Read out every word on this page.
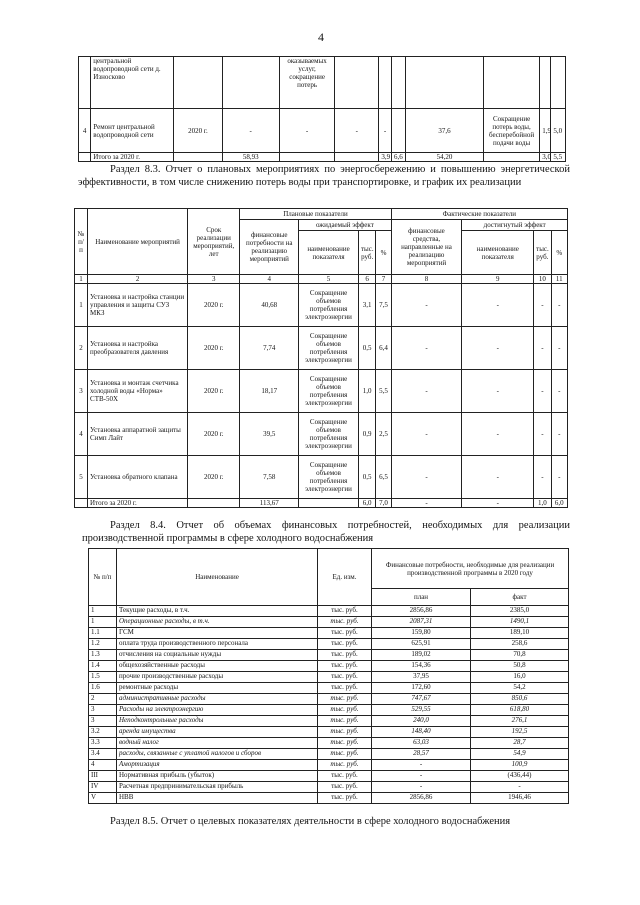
4
	центральной водопроводной сети д. Износково			оказываемых услуг, сокращение потерь							
4	Ремонт центральной водопроводной сети	2020 г.	-	-	-	-		37,6	Сокращение потерь воды, бесперебойной подачи воды	1,9	5,0
	Итого за 2020 г.		58,93			3,9	6,6	54,20		3,0	5,5
Раздел 8.3. Отчет о плановых мероприятиях по энергосбережению и повышению энергетической эффективности, в том числе снижению потерь воды при транспортировке, и график их реализации
№ п/ п	Наименование мероприятий	Срок реализации мероприятий, лет	Плановые показатели				Фактические показатели			
			финансовые потребности на реализацию мероприятий	ожидаемый эффект			финансовые средства, направленные на реализацию мероприятий	достигнутый эффект		
				наименование показателя	тыс. руб.	%		наименование показателя	тыс. руб.	%
1	2	3	4	5	6	7	8	9	10	11
1	Установка и настройка станции управления и защиты СУЗ МКЗ	2020 г.	40,68	Сокращение объемов потребления электроэнергии	3,1	7,5	-	-	-	-
2	Установка и настройка преобразователя давления	2020 г.	7,74	Сокращение объемов потребления электроэнергии	0,5	6,4	-	-	-	-
3	Установка и монтаж счетчика холодной воды «Норма» СТВ-50Х	2020 г.	18,17	Сокращение объемов потребления электроэнергии	1,0	5,5	-	-	-	-
4	Установка аппаратной защиты Симп Лайт	2020 г.	39,5	Сокращение объемов потребления электроэнергии	0,9	2,5	-	-	-	-
5	Установка обратного клапана	2020 г.	7,58	Сокращение объемов потребления электроэнергии	0,5	6,5	-	-	-	-
	Итого за 2020 г.		113,67		6,0	7,0	-	-	1,0	6,0
Раздел 8.4. Отчет об объемах финансовых потребностей, необходимых для реализации производственной программы в сфере холодного водоснабжения
№ п/п	Наименование	Ед. изм.	Финансовые потребности, необходимые для реализации производственной программы в 2020 году	
			план	факт
1	Текущие расходы, в т.ч.	тыс. руб.	2856,86	2385,0
1	Операционные расходы, в т.ч.	тыс. руб.	2087,31	1490,1
1.1	ГСМ	тыс. руб.	159,80	189,10
1.2	оплата труда производственного персонала	тыс. руб.	625,91	258,6
1.3	отчисления на социальные нужды	тыс. руб.	189,02	70,8
1.4	общехозяйственные расходы	тыс. руб.	154,36	50,8
1.5	прочие производственные расходы	тыс. руб.	37,95	16,0
1.6	ремонтные расходы	тыс. руб.	172,60	54,2
2	административные расходы	тыс. руб.	747,67	850,6
3	Расходы на электроэнергию	тыс. руб.	529,55	618,80
3	Неподконтрольные расходы	тыс. руб.	240,0	276,1
3.2	аренда имущества	тыс. руб.	148,40	192,5
3.3	водный налог	тыс. руб.	63,03	28,7
3.4	расходы, связанные с уплатой налогов и сборов	тыс. руб.	28,57	54,9
4	Амортизация	тыс. руб.	-	100,9
III	Нормативная прибыль (убыток)	тыс. руб.	-	(436,44)
IV	Расчетная предпринимательская прибыль	тыс. руб.	-	-
V	НВВ	тыс. руб.	2856,86	1946,46
Раздел 8.5. Отчет о целевых показателях деятельности в сфере холодного водоснабжения
